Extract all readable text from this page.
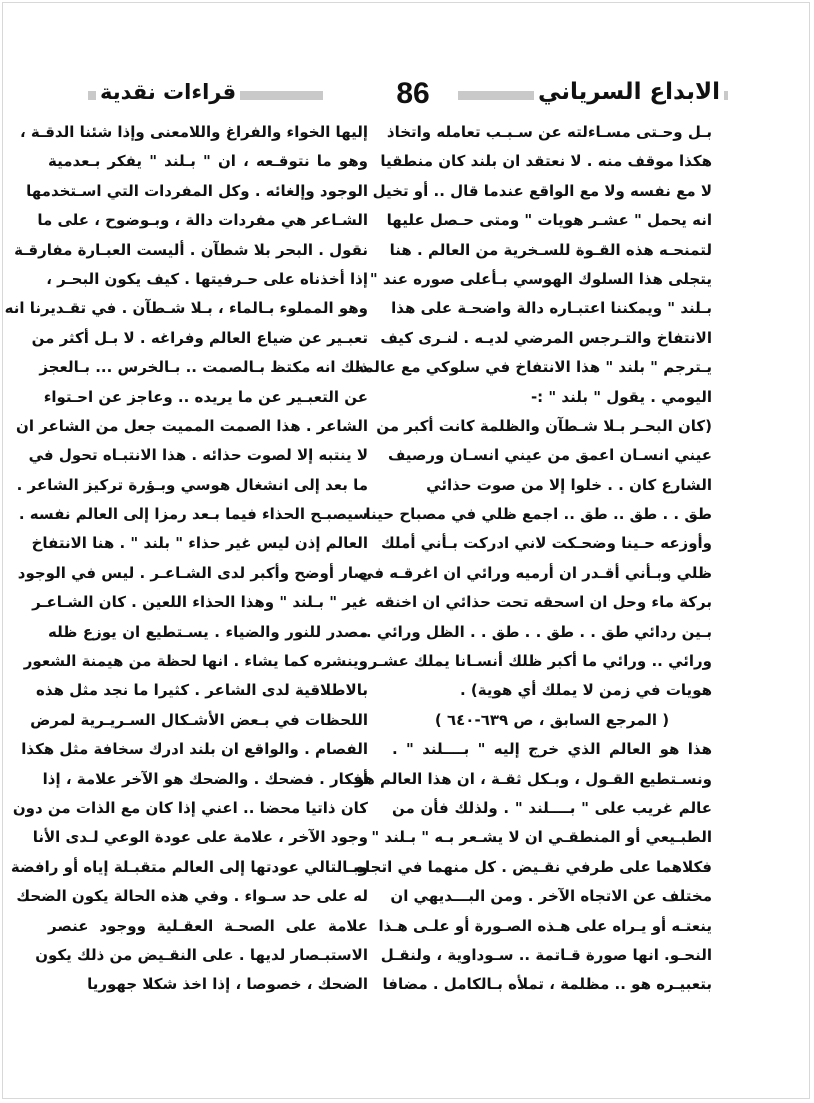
الابداع السرياني
86
قراءات نقدية
بـل وحـتى مسـاءلته عن سـبـب تعامله واتخاذ
هكذا موقف منه . لا نعتقد ان بلند كان منطقيا
لا مع نفسه ولا مع الواقع عندما قال .. أو تخيل
انه يحمل " عشـر هويات " ومتى حـصل عليها
لتمنحـه هذه القـوة للسـخرية من العالم . هنا
يتجلى هذا السلوك الهوسي بـأعلى صوره عند "
بـلند " ويمكننا اعتبـاره دالة واضحـة على هذا
الانتفاخ والتـرجس المرضي لديـه . لنـرى كيف
يـترجم " بلند " هذا الانتفاخ في سلوكي مع عالمه
اليومي . يقول " بلند " :-
(كان البحـر بـلا شـطآن والظلمة كانت أكبر من
عيني انسـان اعمق من عيني انسـان ورصيف
الشارع كان . . خلوا إلا من صوت حذائي
طق . . طق .. طق .. اجمع ظلي في مصباح حينا .
وأوزعه حـينا وضحـكت لاني ادركت بـأني أملك
ظلي وبـأني أقـدر ان أرميه ورائي ان اغرقـه في
بركة ماء وحل ان اسحقه تحت حذائي ان اخنقه
بـين ردائي طق . . طق . . طق . . الظل ورائي ..
ورائي .. ورائي ما أكبر ظلك أنسـانا يملك عشـر
هويات في زمن لا يملك أي هوية) .
( المرجع السابق ، ص ٦٣٩-٦٤٠ )
هذا هو العالم الذي خرج إليه " بــــلند " .
ونسـتطيع القـول ، وبـكل ثقـة ، ان هذا العالم هو
عالم غريب على " بــــلند " . ولذلك فأن من
الطبـيعي أو المنطقـي ان لا يشـعر بـه " بـلند "
فكلاهما على طرفي نقـيض . كل منهما في اتجاه
مختلف عن الاتجاه الآخر . ومن البـــديهي ان
ينعتـه أو يـراه على هـذه الصـورة أو علـى هـذا
النحـو. انها صورة قـاتمة .. سـوداوية ، ولنقـل
بتعبيـره هو .. مظلمة ، تملأه بـالكامل . مضافا
إليها الخواء والفراغ واللامعنى وإذا شئنا الدقـة ،
وهو ما نتوقـعه ، ان " بـلند " يفكر بـعدمية
الوجود وإلغائه . وكل المفردات التي اسـتخدمها
الشـاعر هي مفردات دالة ، وبـوضوح ، على ما
نقول . البحر بلا شطآن . أليست العبـارة مفارقـة
إذا أخذناه على حـرفيتها . كيف يكون البحـر ،
وهو المملوء بـالماء ، بـلا شـطآن . في تقـديرنا انه
تعبـير عن ضياع العالم وفراغه . لا بـل أكثر من
ذلك انه مكتظ بـالصمت .. بـالخرس ... بـالعجز
عن التعبـير عن ما يريده .. وعاجز عن احـتواء
الشاعر . هذا الصمت المميت جعل من الشاعر ان
لا ينتبه إلا لصوت حذائه . هذا الانتبـاه تحول في
ما بعد إلى انشغال هوسي وبـؤرة تركيز الشاعر .
سيصبـح الحذاء فيما بـعد رمزا إلى العالم نفسه .
العالم إذن ليس غير حذاء " بلند " . هنا الانتفاخ
صار أوضح وأكبر لدى الشـاعـر . ليس في الوجود
غير " بـلند " وهذا الحذاء اللعين . كان الشـاعـر
مصدر للنور والضياء . يسـتطيع ان يوزع ظله
وينشره كما يشاء . انها لحظة من هيمنة الشعور
بالاطلاقية لدى الشاعر . كثيرا ما نجد مثل هذه
اللحظات في بـعض الأشـكال السـريـرية لمرض
الفصام . والواقع ان بلند ادرك سخافة مثل هكذا
أفكار . فضحك . والضحك هو الآخر علامة ، إذا
كان ذاتيا محضا .. اعني إذا كان مع الذات من دون
وجود الآخر ، علامة على عودة الوعي لـدى الأنا
وبـالتالي عودتها إلى العالم متقبـلة إياه أو رافضة
له على حد سـواء . وفي هذه الحالة يكون الضحك
علامة على الصحـة العقـلية ووجود عنصر
الاستبـصار لديها . على النقـيض من ذلك يكون
الضحك ، خصوصا ، إذا اخذ شكلا جهوريا
